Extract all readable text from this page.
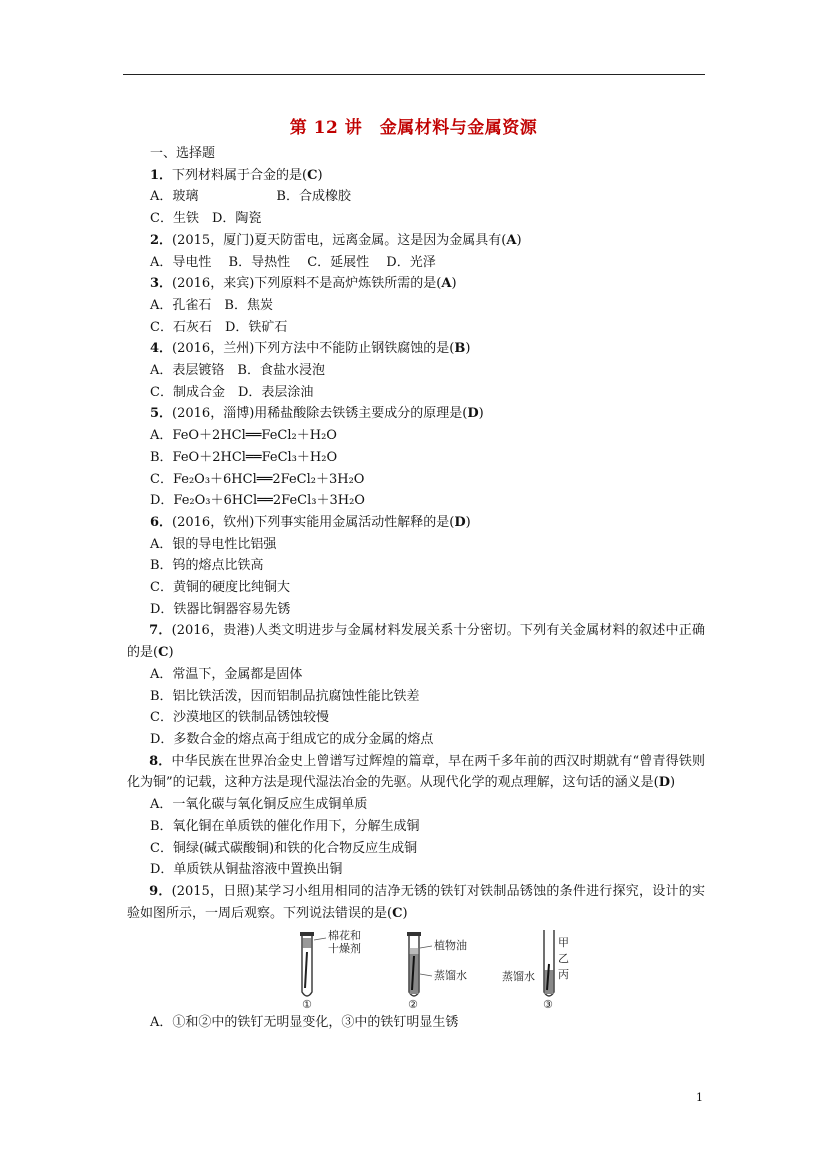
第 12 讲　金属材料与金属资源
一、选择题
1．下列材料属于合金的是(C)
A．玻璃　　　　　　B．合成橡胶
C．生铁　D．陶瓷
2．(2015，厦门)夏天防雷电，远离金属。这是因为金属具有(A)
A．导电性　 B．导热性　 C．延展性　 D．光泽
3．(2016，来宾)下列原料不是高炉炼铁所需的是(A)
A．孔雀石　B．焦炭
C．石灰石　D．铁矿石
4．(2016，兰州)下列方法中不能防止钢铁腐蚀的是(B)
A．表层镀铬　B．食盐水浸泡
C．制成合金　D．表层涂油
5．(2016，淄博)用稀盐酸除去铁锈主要成分的原理是(D)
A．FeO＋2HCl══FeCl₂＋H₂O
B．FeO＋2HCl══FeCl₃＋H₂O
C．Fe₂O₃＋6HCl══2FeCl₂＋3H₂O
D．Fe₂O₃＋6HCl══2FeCl₃＋3H₂O
6．(2016，钦州)下列事实能用金属活动性解释的是(D)
A．银的导电性比铝强
B．钨的熔点比铁高
C．黄铜的硬度比纯铜大
D．铁器比铜器容易先锈
7．(2016，贵港)人类文明进步与金属材料发展关系十分密切。下列有关金属材料的叙述中正确的是(C)
A．常温下，金属都是固体
B．铝比铁活泼，因而铝制品抗腐蚀性能比铁差
C．沙漠地区的铁制品锈蚀较慢
D．多数合金的熔点高于组成它的成分金属的熔点
8．中华民族在世界冶金史上曾谱写过辉煌的篇章，早在两千多年前的西汉时期就有“曾青得铁则化为铜”的记载，这种方法是现代湿法冶金的先驱。从现代化学的观点理解，这句话的涵义是(D)
A．一氧化碳与氧化铜反应生成铜单质
B．氧化铜在单质铁的催化作用下，分解生成铜
C．铜绿(碱式碳酸铜)和铁的化合物反应生成铜
D．单质铁从铜盐溶液中置换出铜
9．(2015，日照)某学习小组用相同的洁净无锈的铁钉对铁制品锈蚀的条件进行探究，设计的实验如图所示，一周后观察。下列说法错误的是(C)
棉花和
十燥剂
①
植物油
蒸馏水
②
甲
乙
丙
蒸馏水
③
A．①和②中的铁钉无明显变化，③中的铁钉明显生锈
1
